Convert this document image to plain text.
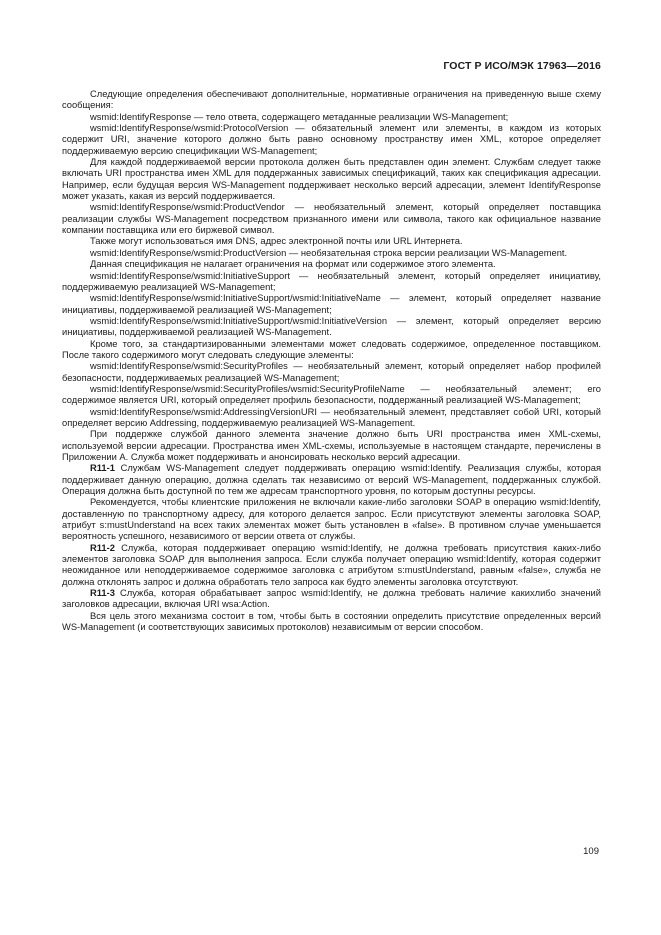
ГОСТ Р ИСО/МЭК 17963—2016

Следующие определения обеспечивают дополнительные, нормативные ограничения на приведенную выше схему сообщения:

wsmid:IdentifyResponse — тело ответа, содержащего метаданные реализации WS-Management;

wsmid:IdentifyResponse/wsmid:ProtocolVersion — обязательный элемент или элементы, в каждом из которых содержит URI, значение которого должно быть равно основному пространству имен XML, которое определяет поддерживаемую версию спецификации WS-Management;

Для каждой поддерживаемой версии протокола должен быть представлен один элемент. Службам следует также включать URI пространства имен XML для поддержанных зависимых спецификаций, таких как спецификация адресации. Например, если будущая версия WS-Management поддерживает несколько версий адресации, элемент IdentifyResponse может указать, какая из версий поддерживается.

wsmid:IdentifyResponse/wsmid:ProductVendor — необязательный элемент, который определяет поставщика реализации службы WS-Management посредством признанного имени или символа, такого как официальное название компании поставщика или его биржевой символ.

Также могут использоваться имя DNS, адрес электронной почты или URL Интернета.

wsmid:IdentifyResponse/wsmid:ProductVersion — необязательная строка версии реализации WS-Management.

Данная спецификация не налагает ограничения на формат или содержимое этого элемента.

wsmid:IdentifyResponse/wsmid:InitiativeSupport — необязательный элемент, который определяет инициативу, поддерживаемую реализацией WS-Management;

wsmid:IdentifyResponse/wsmid:InitiativeSupport/wsmid:InitiativeName — элемент, который определяет название инициативы, поддерживаемой реализацией WS-Management;

wsmid:IdentifyResponse/wsmid:InitiativeSupport/wsmid:InitiativeVersion — элемент, который определяет версию инициативы, поддерживаемой реализацией WS-Management.

Кроме того, за стандартизированными элементами может следовать содержимое, определенное поставщиком. После такого содержимого могут следовать следующие элементы:

wsmid:IdentifyResponse/wsmid:SecurityProfiles — необязательный элемент, который определяет набор профилей безопасности, поддерживаемых реализацией WS-Management;

wsmid:IdentifyResponse/wsmid:SecurityProfiles/wsmid:SecurityProfileName — необязательный элемент; его содержимое является URI, который определяет профиль безопасности, поддержанный реализацией WS-Management;

wsmid:IdentifyResponse/wsmid:AddressingVersionURI — необязательный элемент, представляет собой URI, который определяет версию Addressing, поддерживаемую реализацией WS-Management.

При поддержке службой данного элемента значение должно быть URI пространства имен XML-схемы, используемой версии адресации. Пространства имен XML-схемы, используемые в настоящем стандарте, перечислены в Приложении А. Служба может поддерживать и анонсировать несколько версий адресации.

R11-1 Службам WS-Management следует поддерживать операцию wsmid:Identify. Реализация службы, которая поддерживает данную операцию, должна сделать так независимо от версий WS-Management, поддержанных службой. Операция должна быть доступной по тем же адресам транспортного уровня, по которым доступны ресурсы.

Рекомендуется, чтобы клиентские приложения не включали какие-либо заголовки SOAP в операцию wsmid:Identify, доставленную по транспортному адресу, для которого делается запрос. Если присутствуют элементы заголовка SOAP, атрибут s:mustUnderstand на всех таких элементах может быть установлен в «false». В противном случае уменьшается вероятность успешного, независимого от версии ответа от службы.

R11-2 Служба, которая поддерживает операцию wsmid:Identify, не должна требовать присутствия каких-либо элементов заголовка SOAP для выполнения запроса. Если служба получает операцию wsmid:Identify, которая содержит неожиданное или неподдерживаемое содержимое заголовка с атрибутом s:mustUnderstand, равным «false», служба не должна отклонять запрос и должна обработать тело запроса как будто элементы заголовка отсутствуют.

R11-3 Служба, которая обрабатывает запрос wsmid:Identify, не должна требовать наличие какихлибо значений заголовков адресации, включая URI wsa:Action.

Вся цель этого механизма состоит в том, чтобы быть в состоянии определить присутствие определенных версий WS-Management (и соответствующих зависимых протоколов) независимым от версии способом.

109
